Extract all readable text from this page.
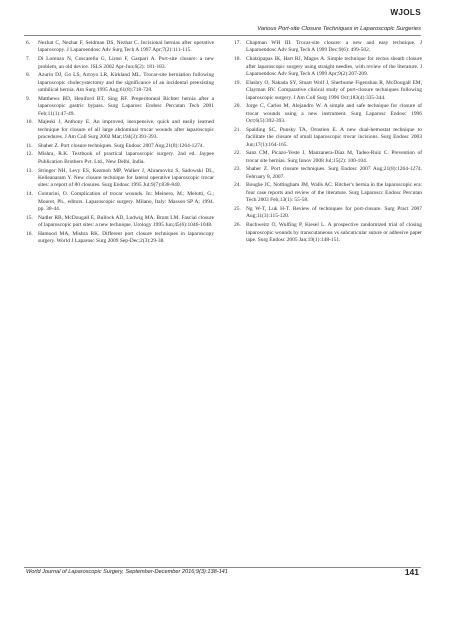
WJOLS
Various Port-site Closure Techniques in Laparoscopic Surgeries
6. Nezhat C, Nezhat F, Seidman DS, Nezhat C. Incisional hernias after operative laparoscopy. J Laparoendosc Adv Surg Tech A 1997 Apr;7(2):111-115.
7. Di Lorenzo N, Coscarella G, Lirosi F, Gaspari A. Port-site closure: a new problem, an old device. JSLS 2002 Apr-Jun;6(2): 181-183.
8. Azurin DJ, Go LS, Arroyo LR, Kirkland ML. Trocar-site herniation following laparoscopic cholecystectomy and the significance of an incidental preexisting umbilical hernia. Am Surg 1995 Aug;61(8):718-720.
9. Matthews BD, Heniford BT, Sing RF. Preperitoneal Richter hernia after a laparoscopic gastric bypass. Surg Laparosc Endosc Percutan Tech 2001 Feb;11(1):47-49.
10. Majeski J, Anthony E. An improved, inexpensive, quick and easily learned technique for closure of all large abdominal trocar wounds after laparoscopic procedures. J Am Coll Surg 2002 Mar;194(3):391-393.
11. Shaher Z. Port closure techniques. Surg Endosc 2007 Aug;21(8):1264-1274.
12. Mishra, R.K. Textbook of practical laparoscopic surgery. 2nd ed. Jaypee Publication Brothers Pvt. Ltd., New Delhi, India.
13. Stringer NH, Levy ES, Kezmoh MP, Walker J, Abramovitz S, Sadowski DL, Kelleanaram Y. New closure technique for lateral operative laparoscopic trocar sites: a report of 80 closures. Surg Endosc 1995 Jul;9(7):838-840.
14. Conturini, O. Complication of trocar wounds. In: Meinero, M.; Melotti, G.; Mouret, Ph., editors. Laparoscopic surgery. Milano, Italy: Masson SP A; 1994. pp. 38-44.
15. Nadler RB, McDougall E, Bullock AD, Ludwig MA, Brunt LM. Fascial closure of laparoscopic port sites: a new technique. Urology 1995 Jun;45(6):1046-1048.
16. Hamood MA, Mishra RK. Different port closure techniques in laparoscopy surgery. World J Laparosc Surg 2009 Sep-Dec;2(3):29-38.
17. Chapman WH III. Trocar-site closure: a new and easy technique. J Laparoendosc Adv Surg Tech A 1999 Dec;9(6): 499-502.
18. Chatzipapas IK, Hart RJ, Magos A. Simple technique for rectus sheath closure after laparoscopic surgery using straight needles, with review of the literature. J Laparoendosc Adv Surg Tech A 1999 Apr;9(2):207-209.
19. Elashry O, Nakada SY, Stuart Wolf J, Sherburne Figenshau R, McDougall EM, Clayman RV. Comparative clinical study of port-closure techniques following laparoscopic surgery. J Am Coll Surg 1996 Oct;183(4):335-344.
20. Jorge C, Carlos M, Alejandro W. A simple and safe technique for closure of trocar wounds using a new instrument. Surg Laparosc Endosc 1996 Oct;6(5):392-393.
21. Spalding SC, Punsky TA, Ornstien E. A new dual-hemostat technique to facilitate the closure of small laparoscopic trocar incisions. Surg Endosc 2003 Jun;17(1):164-165.
22. Sanz CM, Picazo-Yeste J, Manzanera-Díaz M, Tadeo-Ruiz C. Prevention of trocar site hernias. Surg Innov 2008 Jul;15(2): 100-104.
23. Shaher Z. Port closure techniques. Surg Endosc 2007 Aug;21(8):1264-1274. February 8, 2007.
24. Boughe JC, Nottingham JM, Walls AC. Ritcher's hernia in the laparoscopic era: four case reports and review of the literature. Surg Laparoscc Endosc Percutan Tech 2003 Feb;13(1): 55-58.
25. Ng W-T, Luk H-T. Review of techniques for port-closure. Surg Pract 2007 Aug;11(3):115-120.
26. Buchweitz O, Wulfing P, Kiesel L. A prospective randomized trial of closing laparoscopic wounds by transcutaneous vs subcuticular suture or adhesive paper tape. Surg Endosc 2005 Jan;19(1):148-151.
World Journal of Laparoscopic Surgery, September-December 2016;9(3):138-141	141
